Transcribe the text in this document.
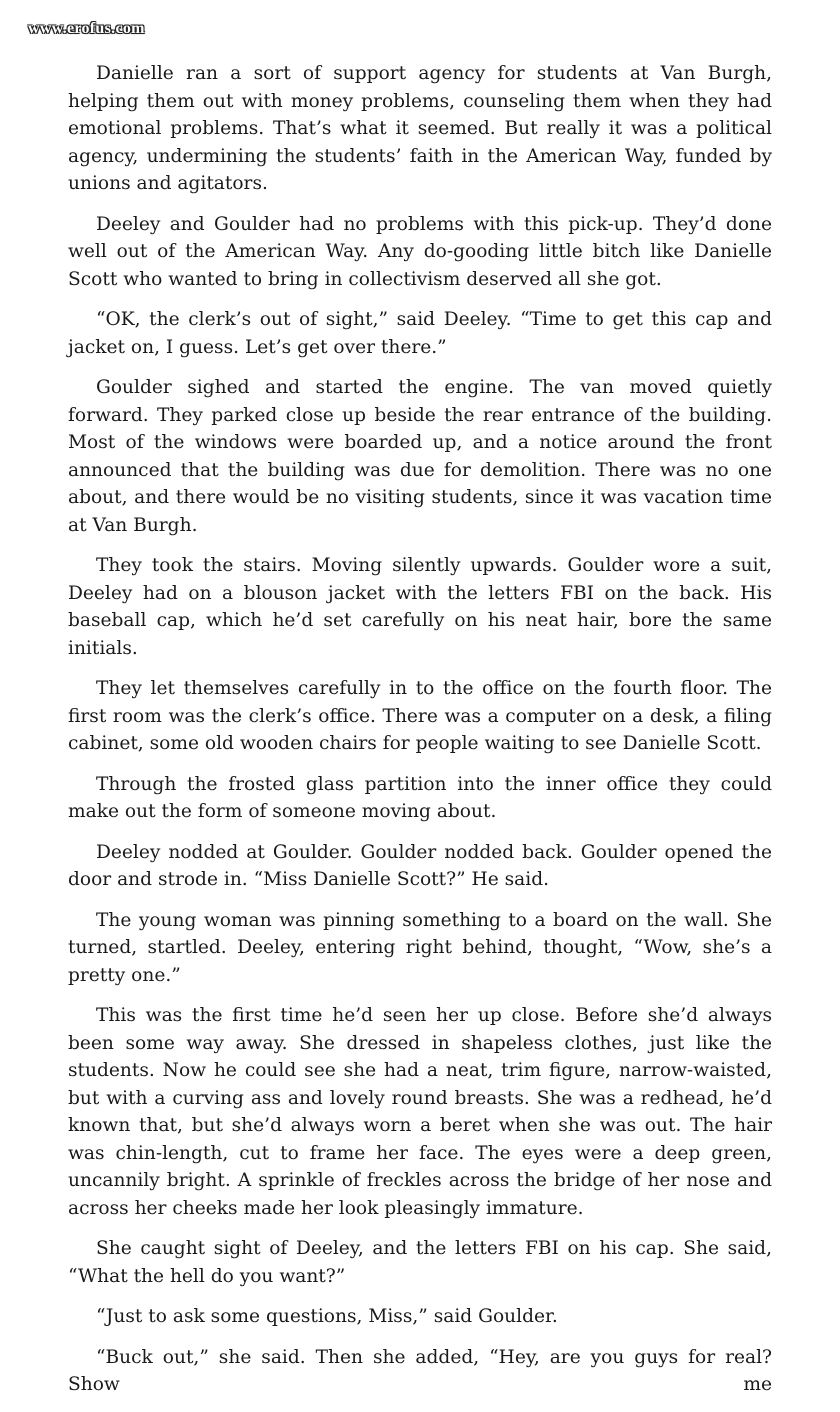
www.erofus.com

Danielle ran a sort of support agency for students at Van Burgh, helping them out with money problems, counseling them when they had emotional problems. That’s what it seemed. But really it was a political agency, undermining the students’ faith in the American Way, funded by unions and agitators.

Deeley and Goulder had no problems with this pick-up. They’d done well out of the American Way. Any do-gooding little bitch like Danielle Scott who wanted to bring in collectivism deserved all she got.

“OK, the clerk’s out of sight,” said Deeley. “Time to get this cap and jacket on, I guess. Let’s get over there.”

Goulder sighed and started the engine. The van moved quietly forward. They parked close up beside the rear entrance of the building. Most of the windows were boarded up, and a notice around the front announced that the building was due for demolition. There was no one about, and there would be no visiting students, since it was vacation time at Van Burgh.

They took the stairs. Moving silently upwards. Goulder wore a suit, Deeley had on a blouson jacket with the letters FBI on the back. His baseball cap, which he’d set carefully on his neat hair, bore the same initials.

They let themselves carefully in to the office on the fourth floor. The first room was the clerk’s office. There was a computer on a desk, a filing cabinet, some old wooden chairs for people waiting to see Danielle Scott.

Through the frosted glass partition into the inner office they could make out the form of someone moving about.

Deeley nodded at Goulder. Goulder nodded back. Goulder opened the door and strode in. “Miss Danielle Scott?” He said.

The young woman was pinning something to a board on the wall. She turned, startled. Deeley, entering right behind, thought, “Wow, she’s a pretty one.”

This was the first time he’d seen her up close. Before she’d always been some way away. She dressed in shapeless clothes, just like the students. Now he could see she had a neat, trim figure, narrow-waisted, but with a curving ass and lovely round breasts. She was a redhead, he’d known that, but she’d always worn a beret when she was out. The hair was chin-length, cut to frame her face. The eyes were a deep green, uncannily bright. A sprinkle of freckles across the bridge of her nose and across her cheeks made her look pleasingly immature.

She caught sight of Deeley, and the letters FBI on his cap. She said, “What the hell do you want?”

“Just to ask some questions, Miss,” said Goulder.

“Buck out,” she said. Then she added, “Hey, are you guys for real? Show me
